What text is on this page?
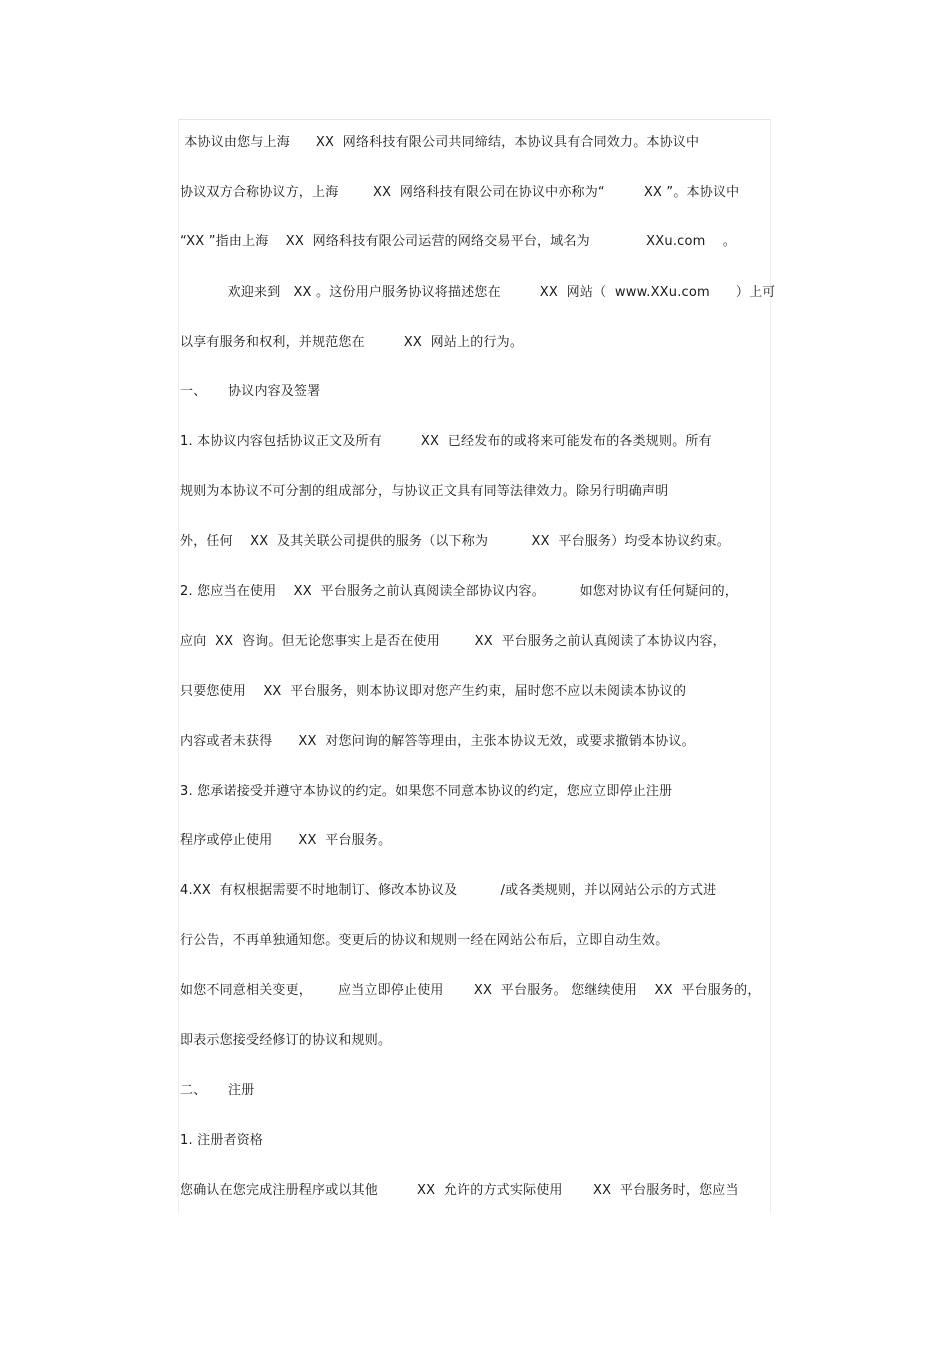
本协议由您与上海      XX  网络科技有限公司共同缔结，本协议具有合同效力。本协议中
协议双方合称协议方，上海        XX  网络科技有限公司在协议中亦称为“         XX ”。本协议中
“XX ”指由上海    XX  网络科技有限公司运营的网络交易平台，域名为             XXu.com    。
欢迎来到   XX 。这份用户服务协议将描述您在         XX  网站（  www.XXu.com      ）上可
以享有服务和权利，并规范您在         XX  网站上的行为。
一、     协议内容及签署
1. 本协议内容包括协议正文及所有         XX  已经发布的或将来可能发布的各类规则。所有
规则为本协议不可分割的组成部分，与协议正文具有同等法律效力。除另行明确声明
外，任何    XX  及其关联公司提供的服务（以下称为          XX  平台服务）均受本协议约束。
2. 您应当在使用    XX  平台服务之前认真阅读全部协议内容。        如您对协议有任何疑问的，
应向  XX  咨询。但无论您事实上是否在使用        XX  平台服务之前认真阅读了本协议内容，
只要您使用    XX  平台服务，则本协议即对您产生约束，届时您不应以未阅读本协议的
内容或者未获得      XX  对您问询的解答等理由，主张本协议无效，或要求撤销本协议。
3. 您承诺接受并遵守本协议的约定。如果您不同意本协议的约定，您应立即停止注册
程序或停止使用      XX  平台服务。
4.XX  有权根据需要不时地制订、修改本协议及          /或各类规则，并以网站公示的方式进
行公告，不再单独通知您。变更后的协议和规则一经在网站公布后，立即自动生效。
如您不同意相关变更，      应当立即停止使用       XX  平台服务。 您继续使用    XX  平台服务的，
即表示您接受经修订的协议和规则。
二、     注册
1. 注册者资格
您确认在您完成注册程序或以其他         XX  允许的方式实际使用       XX  平台服务时，您应当
